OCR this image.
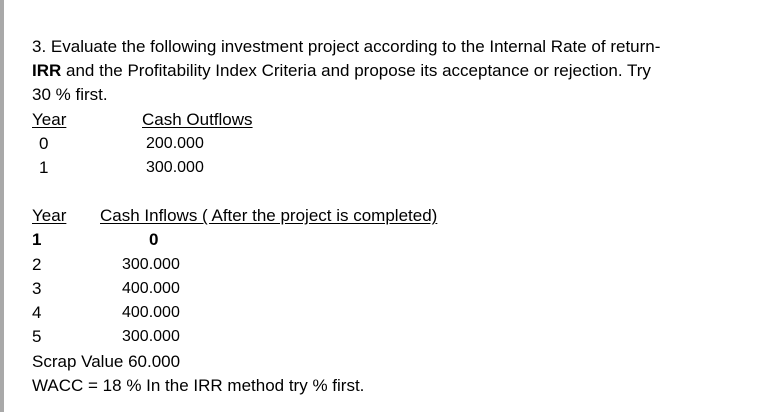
3. Evaluate the following investment project according to the Internal Rate of return-
IRR and the Profitability Index Criteria and propose its acceptance or rejection. Try
30 % first.
Year	Cash Outflows
0	200.000
1	300.000
Year Cash Inflows ( After the project is completed)
1	0
2	300.000
3	400.000
4	400.000
5	300.000
Scrap Value 60.000
WACC = 18 % In the IRR method try % first.
